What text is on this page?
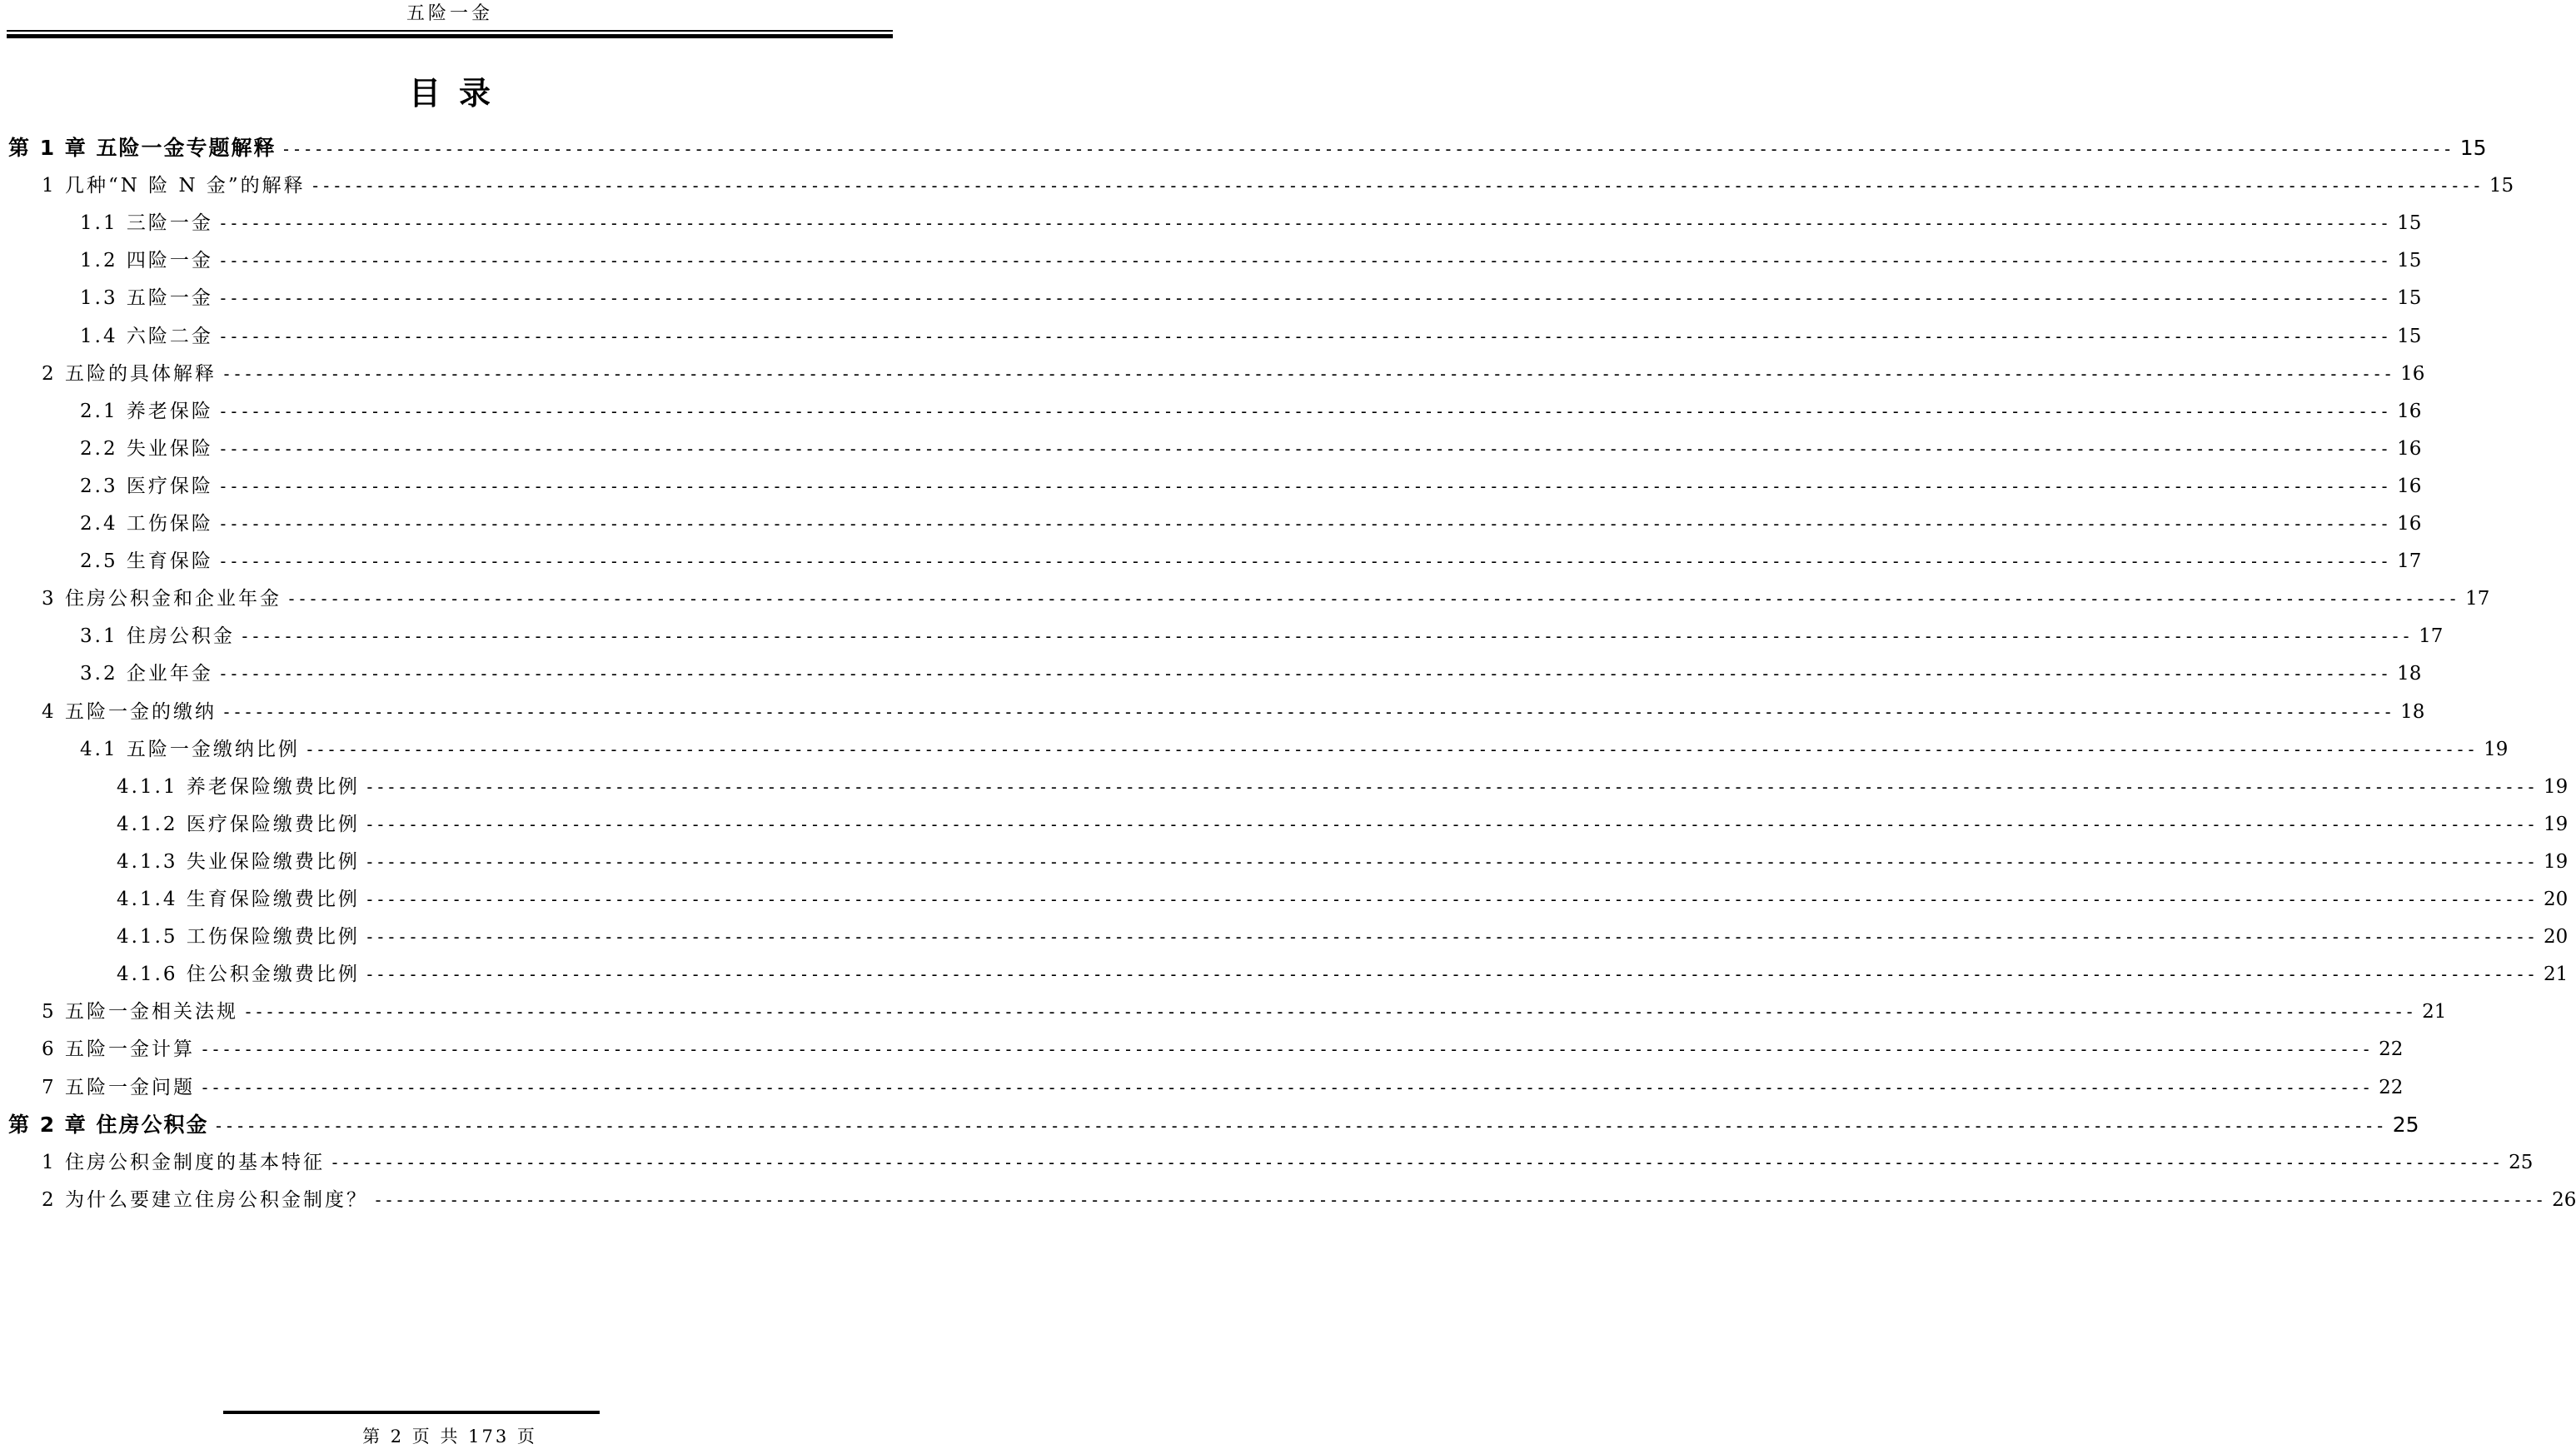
五险一金
目录
第 1 章 五险一金专题解释 -------------------------------------------------------------------------------------------------------------------------------------------------------------------------------------------------------- 15
1 几种“N 险 N 金”的解释 -------------------------------------------------------------------------------------------------------------------------------------------------------------------------------------------------------- 15
1.1 三险一金 -------------------------------------------------------------------------------------------------------------------------------------------------------------------------------------------------------- 15
1.2 四险一金 -------------------------------------------------------------------------------------------------------------------------------------------------------------------------------------------------------- 15
1.3 五险一金 -------------------------------------------------------------------------------------------------------------------------------------------------------------------------------------------------------- 15
1.4 六险二金 -------------------------------------------------------------------------------------------------------------------------------------------------------------------------------------------------------- 15
2 五险的具体解释 -------------------------------------------------------------------------------------------------------------------------------------------------------------------------------------------------------- 16
2.1 养老保险 -------------------------------------------------------------------------------------------------------------------------------------------------------------------------------------------------------- 16
2.2 失业保险 -------------------------------------------------------------------------------------------------------------------------------------------------------------------------------------------------------- 16
2.3 医疗保险 -------------------------------------------------------------------------------------------------------------------------------------------------------------------------------------------------------- 16
2.4 工伤保险 -------------------------------------------------------------------------------------------------------------------------------------------------------------------------------------------------------- 16
2.5 生育保险 -------------------------------------------------------------------------------------------------------------------------------------------------------------------------------------------------------- 17
3 住房公积金和企业年金 -------------------------------------------------------------------------------------------------------------------------------------------------------------------------------------------------------- 17
3.1 住房公积金 -------------------------------------------------------------------------------------------------------------------------------------------------------------------------------------------------------- 17
3.2 企业年金 -------------------------------------------------------------------------------------------------------------------------------------------------------------------------------------------------------- 18
4 五险一金的缴纳 -------------------------------------------------------------------------------------------------------------------------------------------------------------------------------------------------------- 18
4.1 五险一金缴纳比例 -------------------------------------------------------------------------------------------------------------------------------------------------------------------------------------------------------- 19
4.1.1 养老保险缴费比例 -------------------------------------------------------------------------------------------------------------------------------------------------------------------------------------------------------- 19
4.1.2 医疗保险缴费比例 -------------------------------------------------------------------------------------------------------------------------------------------------------------------------------------------------------- 19
4.1.3 失业保险缴费比例 -------------------------------------------------------------------------------------------------------------------------------------------------------------------------------------------------------- 19
4.1.4 生育保险缴费比例 -------------------------------------------------------------------------------------------------------------------------------------------------------------------------------------------------------- 20
4.1.5 工伤保险缴费比例 -------------------------------------------------------------------------------------------------------------------------------------------------------------------------------------------------------- 20
4.1.6 住公积金缴费比例 -------------------------------------------------------------------------------------------------------------------------------------------------------------------------------------------------------- 21
5 五险一金相关法规 -------------------------------------------------------------------------------------------------------------------------------------------------------------------------------------------------------- 21
6 五险一金计算 -------------------------------------------------------------------------------------------------------------------------------------------------------------------------------------------------------- 22
7 五险一金问题 -------------------------------------------------------------------------------------------------------------------------------------------------------------------------------------------------------- 22
第 2 章 住房公积金 -------------------------------------------------------------------------------------------------------------------------------------------------------------------------------------------------------- 25
1 住房公积金制度的基本特征 -------------------------------------------------------------------------------------------------------------------------------------------------------------------------------------------------------- 25
2 为什么要建立住房公积金制度？ -------------------------------------------------------------------------------------------------------------------------------------------------------------------------------------------------------- 26
第 2 页 共 173 页
